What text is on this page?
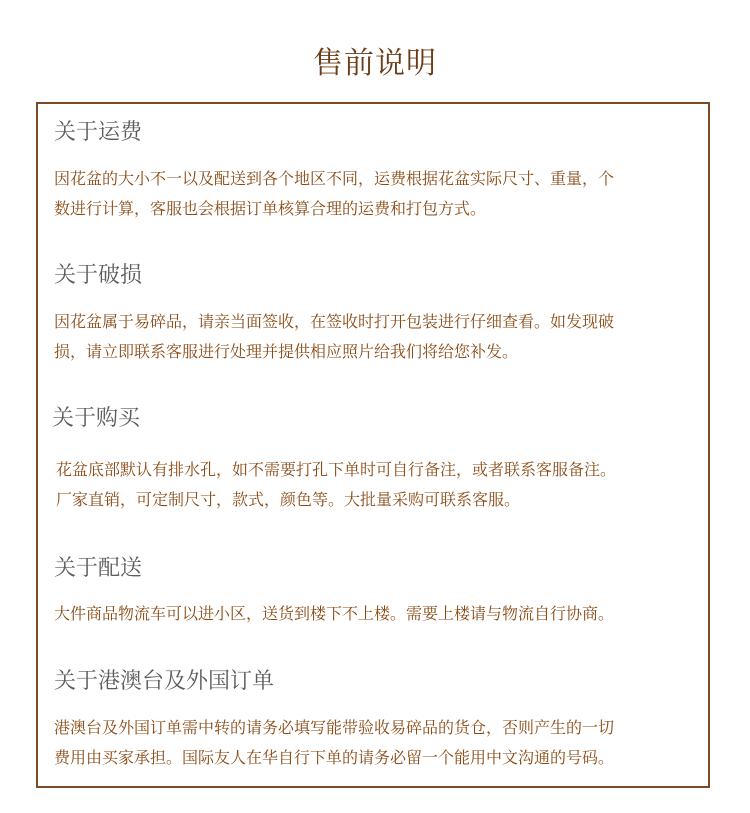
售前说明
关于运费
因花盆的大小不一以及配送到各个地区不同，运费根据花盆实际尺寸、重量，个
数进行计算，客服也会根据订单核算合理的运费和打包方式。
关于破损
因花盆属于易碎品，请亲当面签收，在签收时打开包装进行仔细查看。如发现破
损，请立即联系客服进行处理并提供相应照片给我们将给您补发。
关于购买
花盆底部默认有排水孔，如不需要打孔下单时可自行备注，或者联系客服备注。
厂家直销，可定制尺寸，款式，颜色等。大批量采购可联系客服。
关于配送
大件商品物流车可以进小区，送货到楼下不上楼。需要上楼请与物流自行协商。
关于港澳台及外国订单
港澳台及外国订单需中转的请务必填写能带验收易碎品的货仓，否则产生的一切
费用由买家承担。国际友人在华自行下单的请务必留一个能用中文沟通的号码。
